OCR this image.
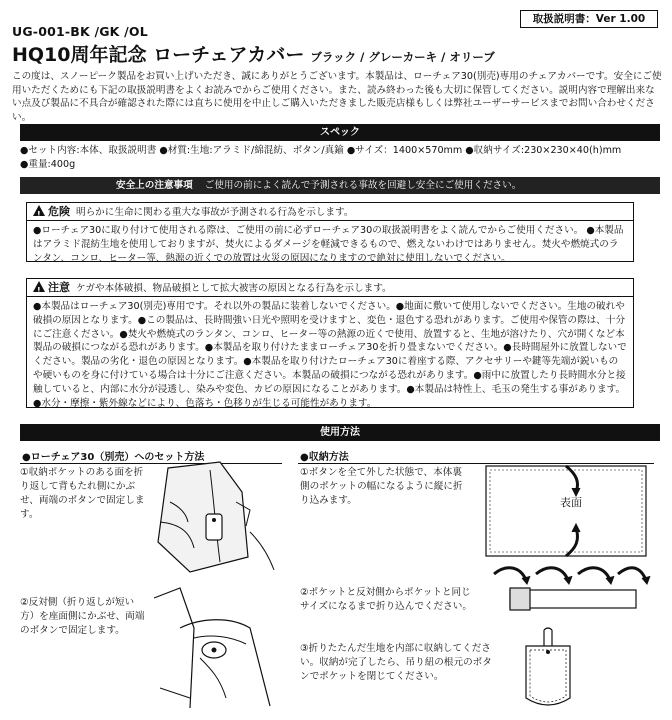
取扱説明書：Ver 1.00
UG-001-BK /GK /OL
HQ10周年記念 ローチェアカバー ブラック / グレーカーキ / オリーブ
この度は、スノーピーク製品をお買い上げいただき、誠にありがとうございます。本製品は、ローチェア30(別売)専用のチェアカバーです。安全にご使用いただくためにも下記の取扱説明書をよくお読みでからご使用ください。また、読み終わった後も大切に保管してください。説明内容で理解出来ない点及び製品に不具合が確認された際には直ちに使用を中止しご購入いただきました販売店様もしくは弊社ユーザーサービスまでお問い合わせください。
スペック
●セット内容:本体、取扱説明書 ●材質:生地:アラミド/綿混紡、ボタン/真鍮 ●サイズ：1400×570mm ●収納サイズ:230×230×40(h)mm
●重量:400g
安全上の注意事項 ご使用の前によく読んで予測される事故を回避し安全にご使用ください。
!危険 明らかに生命に関わる重大な事故が予測される行為を示します。
●ローチェア30に取り付けて使用される際は、ご使用の前に必ずローチェア30の取扱説明書をよく読んでからご使用ください。 ●本製品はアラミド混紡生地を使用しておりますが、焚火によるダメージを軽減できるもので、燃えないわけではありません。焚火や燃焼式のランタン、コンロ、ヒーター等、熱源の近くでの放置は火災の原因になりますので絶対に使用しないでください。
!注意 ケガや本体破損、物品破損として拡大被害の原因となる行為を示します。
●本製品はローチェア30(別売)専用です。それ以外の製品に装着しないでください。●地面に敷いて使用しないでください。生地の破れや破損の原因となります。●この製品は、長時間強い日光や照明を受けますと、変色・退色する恐れがあります。ご使用や保管の際は、十分にご注意ください。●焚火や燃焼式のランタン、コンロ、ヒーター等の熱源の近くで使用、放置すると、生地が溶けたり、穴が開くなど本製品の破損につながる恐れがあります。●本製品を取り付けたままローチェア30を折り畳まないでください。●長時間屋外に放置しないでください。製品の劣化・退色の原因となります。●本製品を取り付けたローチェア30に着座する際、アクセサリーや鍵等先端が鋭いものや硬いものを身に付けている場合は十分にご注意ください。本製品の破損につながる恐れがあります。●雨中に放置したり長時間水分と接触していると、内部に水分が浸透し、染みや変色、カビの原因になることがあります。●本製品は特性上、毛玉の発生する事があります。●水分・摩擦・紫外線などにより、色落ち・色移りが生じる可能性があります。
使用方法
●ローチェア30（別売）へのセット方法
①収納ポケットのある面を折り返して背もたれ側にかぶせ、両端のボタンで固定します。
②反対側（折り返しが短い方）を座面側にかぶせ、両端のボタンで固定します。
●収納方法
①ボタンを全て外した状態で、本体裏側のポケットの幅になるように縦に折り込みます。	表面
②ポケットと反対側からポケットと同じサイズになるまで折り込んでください。
③折りたたんだ生地を内部に収納してください。収納が完了したら、吊り紐の根元のボタンでポケットを閉じてください。
